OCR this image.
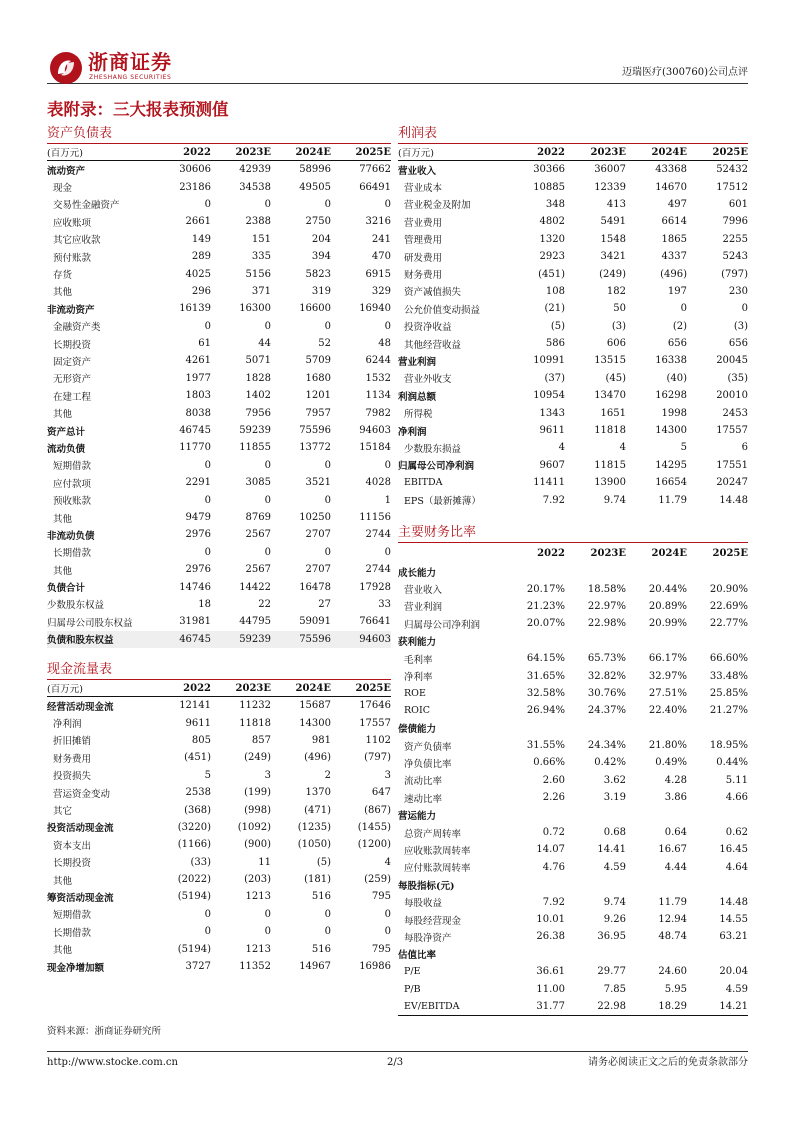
浙商证券
ZHESHANG SECURITIES	迈瑞医疗(300760)公司点评
表附录：三大报表预测值
资产负债表
(百万元)	2022	2023E	2024E	2025E
流动资产	30606	42939	58996	77662
现金	23186	34538	49505	66491
交易性金融资产	0	0	0	0
应收账项	2661	2388	2750	3216
其它应收款	149	151	204	241
预付账款	289	335	394	470
存货	4025	5156	5823	6915
其他	296	371	319	329
非流动资产	16139	16300	16600	16940
金融资产类	0	0	0	0
长期投资	61	44	52	48
固定资产	4261	5071	5709	6244
无形资产	1977	1828	1680	1532
在建工程	1803	1402	1201	1134
其他	8038	7956	7957	7982
资产总计	46745	59239	75596	94603
流动负债	11770	11855	13772	15184
短期借款	0	0	0	0
应付款项	2291	3085	3521	4028
预收账款	0	0	0	1
其他	9479	8769	10250	11156
非流动负债	2976	2567	2707	2744
长期借款	0	0	0	0
其他	2976	2567	2707	2744
负债合计	14746	14422	16478	17928
少数股东权益	18	22	27	33
归属母公司股东权益	31981	44795	59091	76641
负债和股东权益	46745	59239	75596	94603
现金流量表
(百万元)	2022	2023E	2024E	2025E
经营活动现金流	12141	11232	15687	17646
净利润	9611	11818	14300	17557
折旧摊销	805	857	981	1102
财务费用	(451)	(249)	(496)	(797)
投资损失	5	3	2	3
营运资金变动	2538	(199)	1370	647
其它	(368)	(998)	(471)	(867)
投资活动现金流	(3220)	(1092)	(1235)	(1455)
资本支出	(1166)	(900)	(1050)	(1200)
长期投资	(33)	11	(5)	4
其他	(2022)	(203)	(181)	(259)
筹资活动现金流	(5194)	1213	516	795
短期借款	0	0	0	0
长期借款	0	0	0	0
其他	(5194)	1213	516	795
现金净增加额	3727	11352	14967	16986
利润表
(百万元)	2022	2023E	2024E	2025E
营业收入	30366	36007	43368	52432
营业成本	10885	12339	14670	17512
营业税金及附加	348	413	497	601
营业费用	4802	5491	6614	7996
管理费用	1320	1548	1865	2255
研发费用	2923	3421	4337	5243
财务费用	(451)	(249)	(496)	(797)
资产减值损失	108	182	197	230
公允价值变动损益	(21)	50	0	0
投资净收益	(5)	(3)	(2)	(3)
其他经营收益	586	606	656	656
营业利润	10991	13515	16338	20045
营业外收支	(37)	(45)	(40)	(35)
利润总额	10954	13470	16298	20010
所得税	1343	1651	1998	2453
净利润	9611	11818	14300	17557
少数股东损益	4	4	5	6
归属母公司净利润	9607	11815	14295	17551
EBITDA	11411	13900	16654	20247
EPS（最新摊薄）	7.92	9.74	11.79	14.48
主要财务比率
2022	2023E	2024E	2025E
成长能力
营业收入	20.17%	18.58%	20.44%	20.90%
营业利润	21.23%	22.97%	20.89%	22.69%
归属母公司净利润	20.07%	22.98%	20.99%	22.77%
获利能力
毛利率	64.15%	65.73%	66.17%	66.60%
净利率	31.65%	32.82%	32.97%	33.48%
ROE	32.58%	30.76%	27.51%	25.85%
ROIC	26.94%	24.37%	22.40%	21.27%
偿债能力
资产负债率	31.55%	24.34%	21.80%	18.95%
净负债比率	0.66%	0.42%	0.49%	0.44%
流动比率	2.60	3.62	4.28	5.11
速动比率	2.26	3.19	3.86	4.66
营运能力
总资产周转率	0.72	0.68	0.64	0.62
应收账款周转率	14.07	14.41	16.67	16.45
应付账款周转率	4.76	4.59	4.44	4.64
每股指标(元)
每股收益	7.92	9.74	11.79	14.48
每股经营现金	10.01	9.26	12.94	14.55
每股净资产	26.38	36.95	48.74	63.21
估值比率
P/E	36.61	29.77	24.60	20.04
P/B	11.00	7.85	5.95	4.59
EV/EBITDA	31.77	22.98	18.29	14.21
资料来源：浙商证券研究所
http://www.stocke.com.cn	2/3	请务必阅读正文之后的免责条款部分
